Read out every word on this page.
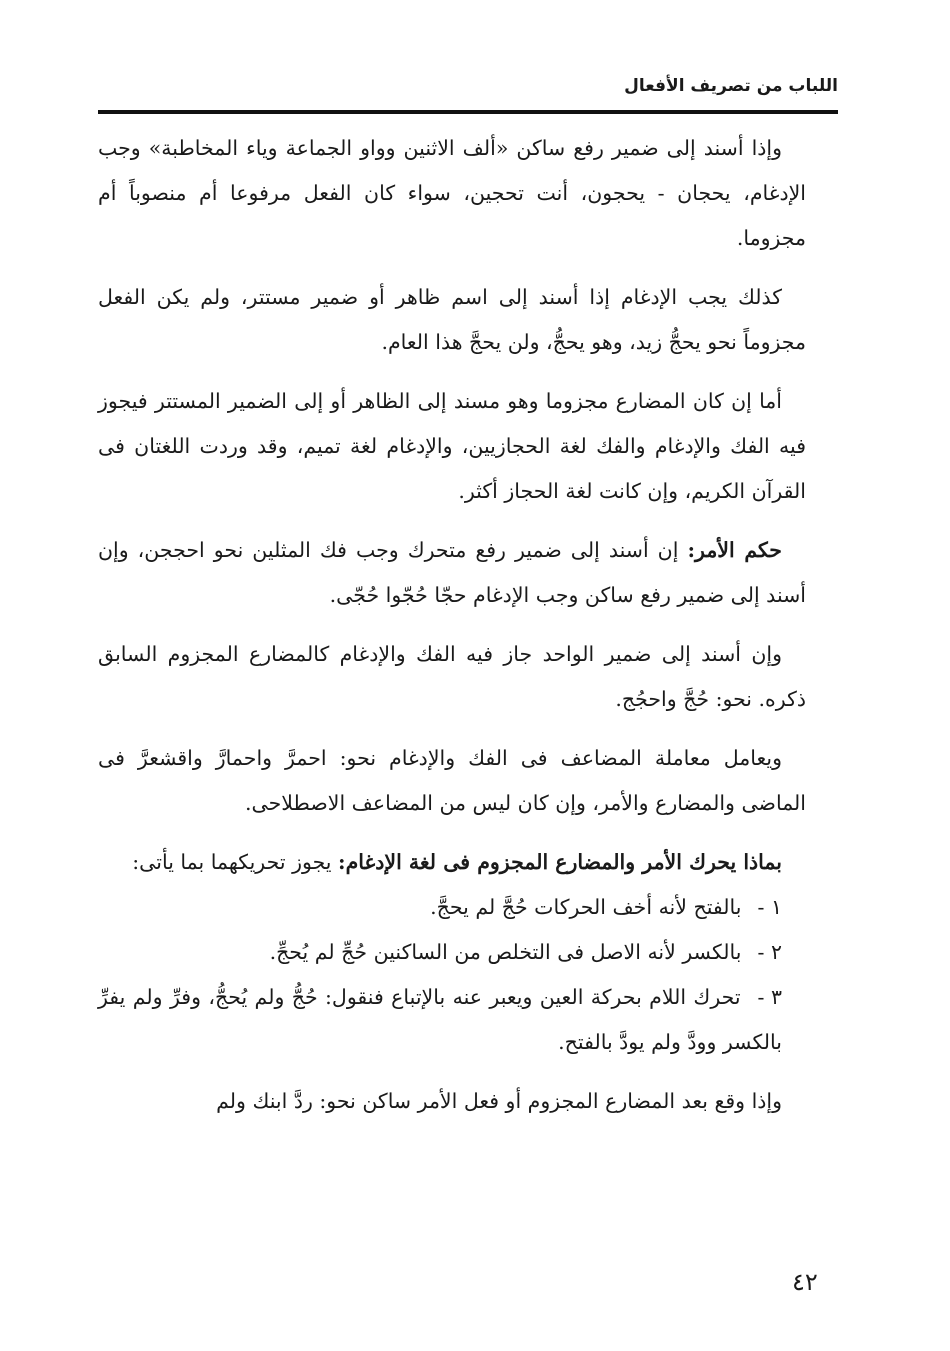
اللباب من تصريف الأفعال

وإذا أسند إلى ضمير رفع ساكن «ألف الاثنين وواو الجماعة وياء المخاطبة» وجب الإدغام، يحجان - يحجون، أنت تحجين، سواء كان الفعل مرفوعا أم منصوباً أم مجزوما.

كذلك يجب الإدغام إذا أسند إلى اسم ظاهر أو ضمير مستتر، ولم يكن الفعل مجزوماً نحو يحجُّ زيد، وهو يحجُّ، ولن يحجَّ هذا العام.

أما إن كان المضارع مجزوما وهو مسند إلى الظاهر أو إلى الضمير المستتر فيجوز فيه الفك والإدغام والفك لغة الحجازيين، والإدغام لغة تميم، وقد وردت اللغتان فى القرآن الكريم، وإن كانت لغة الحجاز أكثر.

حكم الأمر: إن أسند إلى ضمير رفع متحرك وجب فك المثلين نحو احججن، وإن أسند إلى ضمير رفع ساكن وجب الإدغام حجّا حُجّوا حُجّى.

وإن أسند إلى ضمير الواحد جاز فيه الفك والإدغام كالمضارع المجزوم السابق ذكره. نحو: حُجَّ واحجُج.

ويعامل معاملة المضاعف فى الفك والإدغام نحو: احمرَّ واحمارَّ واقشعرَّ فى الماضى والمضارع والأمر، وإن كان ليس من المضاعف الاصطلاحى.

بماذا يحرك الأمر والمضارع المجزوم فى لغة الإدغام: يجوز تحريكهما بما يأتى:

١ - بالفتح لأنه أخف الحركات حُجَّ لم يحجَّ.

٢ - بالكسر لأنه الاصل فى التخلص من الساكنين حُجِّ لم يُحجِّ.

٣ - تحرك اللام بحركة العين ويعبر عنه بالإتباع فنقول: حُجُّ ولم يُحجُّ، وفرِّ ولم يفرِّ بالكسر وودَّ ولم يودَّ بالفتح.

وإذا وقع بعد المضارع المجزوم أو فعل الأمر ساكن نحو: ردَّ ابنك ولم

٤٢
